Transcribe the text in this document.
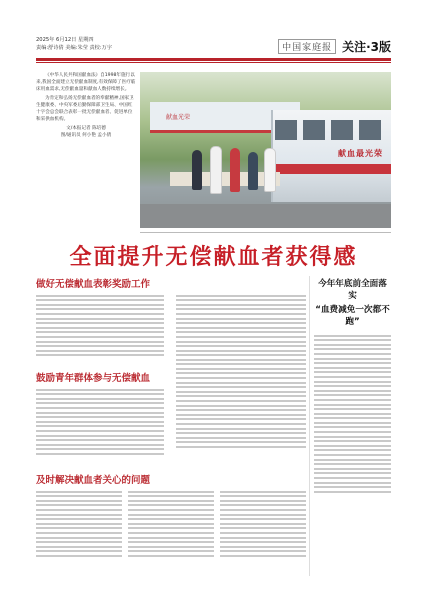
2025年 6月12日 星期四
责编:舒诗倩 美编:朱莹 责校:万宇	中国家庭报 关注·3版

《中华人民共和国献血法》自1998年施行以来,我国全面建立无偿献血制度,有效保障了医疗临床用血需求,无偿献血量和献血人数持续增长。

为肯定和弘扬无偿献血者的奉献精神,国家卫生健康委、中央军委后勤保障部卫生局、中国红十字会总会联合表彰一批无偿献血者、促进单位和采供血机构。

文/本报记者 陈培德

图/通讯员 何小艳 孟小倩

献血光荣
献血最光荣
全面提升无偿献血者获得感

做好无偿献血表彰奖励工作

鼓励青年群体参与无偿献血

及时解决献血者关心的问题

今年年底前全面落实
“血费减免一次都不跑”
